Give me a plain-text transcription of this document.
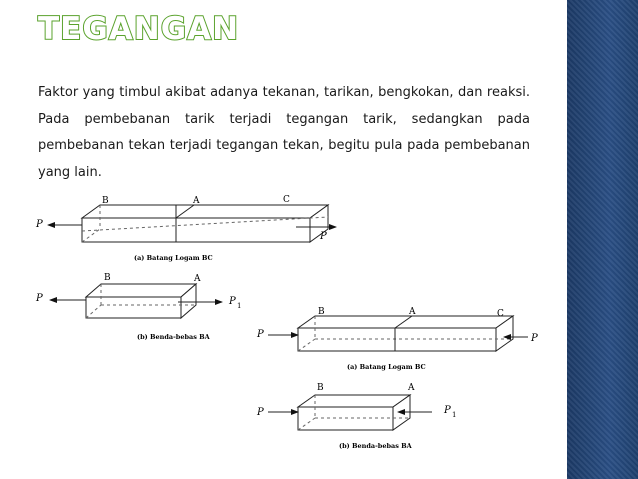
TEGANGAN

Faktor yang timbul akibat adanya tekanan, tarikan, bengkokan, dan reaksi. Pada pembebanan tarik terjadi tegangan tarik, sedangkan pada pembebanan tekan terjadi tegangan tekan, begitu pula pada pembebanan yang lain.

B	A	C
P
P
(a) Batang Logam BC
B	A
P	P 1
(b) Benda-bebas BA
B	A	C
P	P
(a) Batang Logam BC
B	A
P	P 1
(b) Benda-bebas BA
